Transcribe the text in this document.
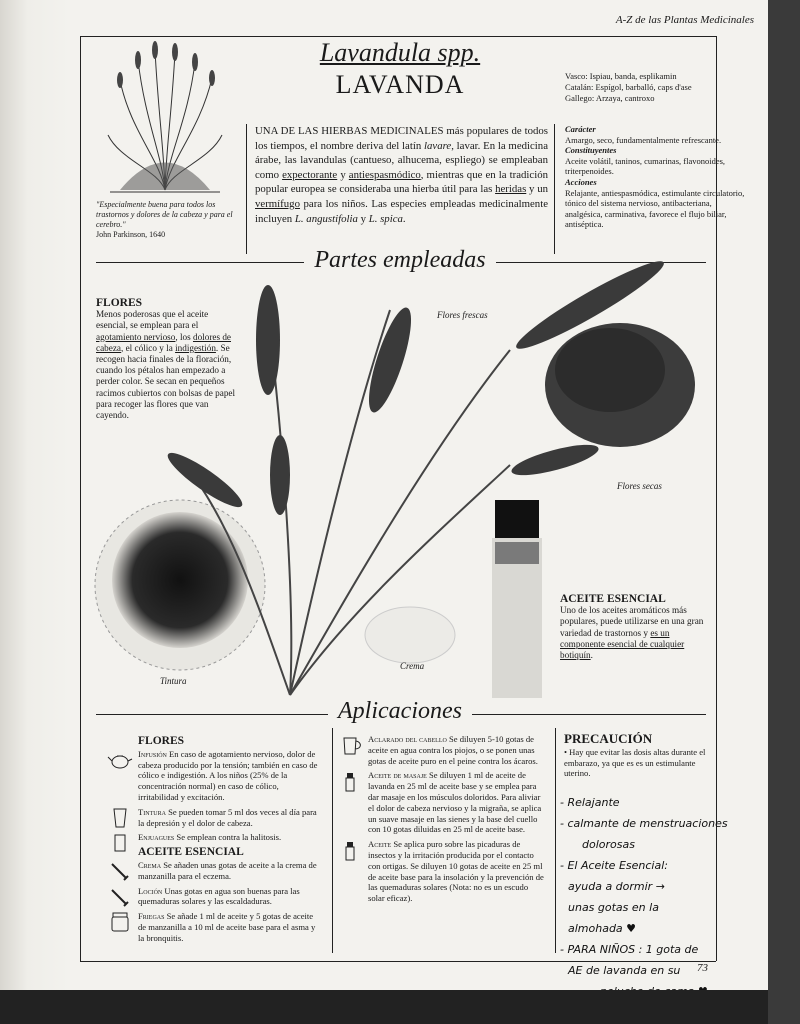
A-Z de las Plantas Medicinales
"Especialmente buena para todos los trastornos y dolores de la cabeza y para el cerebro."
John Parkinson, 1640
Lavandula spp.
LAVANDA	Vasco: Ispiau, banda, esplikamin
Catalán: Espígol, barballó, caps d'ase
Gallego: Arzaya, cantroxo
UNA DE LAS HIERBAS MEDICINALES más populares de todos los tiempos, el nombre deriva del latín lavare, lavar. En la medicina árabe, las lavandulas (cantueso, alhucema, espliego) se empleaban como expectorante y antiespasmódico, mientras que en la tradición popular europea se consideraba una hierba útil para las heridas y un vermífugo para los niños. Las especies empleadas medicinalmente incluyen L. angustifolia y L. spica.
Carácter
Amargo, seco, fundamentalmente refrescante.
Constituyentes
Aceite volátil, taninos, cumarinas, flavonoides, triterpenoides.
Acciones
Relajante, antiespasmódica, estimulante circulatorio, tónico del sistema nervioso, antibacteriana, analgésica, carminativa, favorece el flujo biliar, antiséptica.
Partes empleadas
FLORES
Menos poderosas que el aceite esencial, se emplean para el agotamiento nervioso, los dolores de cabeza, el cólico y la indigestión. Se recogen hacia finales de la floración, cuando los pétalos han empezado a perder color. Se secan en pequeños racimos cubiertos con bolsas de papel para recoger las flores que van cayendo.
Flores frescas
Flores secas
Tintura
Crema
ACEITE ESENCIAL
Uno de los aceites aromáticos más populares, puede utilizarse en una gran variedad de trastornos y es un componente esencial de cualquier botiquín.
Aplicaciones
FLORES
Infusión En caso de agotamiento nervioso, dolor de cabeza producido por la tensión; también en caso de cólico e indigestión. A los niños (25% de la concentración normal) en caso de cólico, irritabilidad y excitación.
Tintura Se pueden tomar 5 ml dos veces al día para la depresión y el dolor de cabeza.
Enjuagues Se emplean contra la halitosis.
ACEITE ESENCIAL
Crema Se añaden unas gotas de aceite a la crema de manzanilla para el eczema.
Loción Unas gotas en agua son buenas para las quemaduras solares y las escaldaduras.
Friegas Se añade 1 ml de aceite y 5 gotas de aceite de manzanilla a 10 ml de aceite base para el asma y la bronquitis.
Aclarado del cabello Se diluyen 5-10 gotas de aceite en agua contra los piojos, o se ponen unas gotas de aceite puro en el peine contra los ácaros.
Aceite de masaje Se diluyen 1 ml de aceite de lavanda en 25 ml de aceite base y se emplea para dar masaje en los músculos doloridos. Para aliviar el dolor de cabeza nervioso y la migraña, se aplica un suave masaje en las sienes y la base del cuello con 10 gotas diluidas en 25 ml de aceite base.
Aceite Se aplica puro sobre las picaduras de insectos y la irritación producida por el contacto con ortigas. Se diluyen 10 gotas de aceite en 25 ml de aceite base para la insolación y la prevención de las quemaduras solares (Nota: no es un escudo solar eficaz).
PRECAUCIÓN
• Hay que evitar las dosis altas durante el embarazo, ya que es es un estimulante uterino.
- Relajante
- calmante de menstruaciones
dolorosas
- El Aceite Esencial:
ayuda a dormir →
unas gotas en la
almohada ♥
- PARA NIÑOS : 1 gota de
AE de lavanda en su	73
